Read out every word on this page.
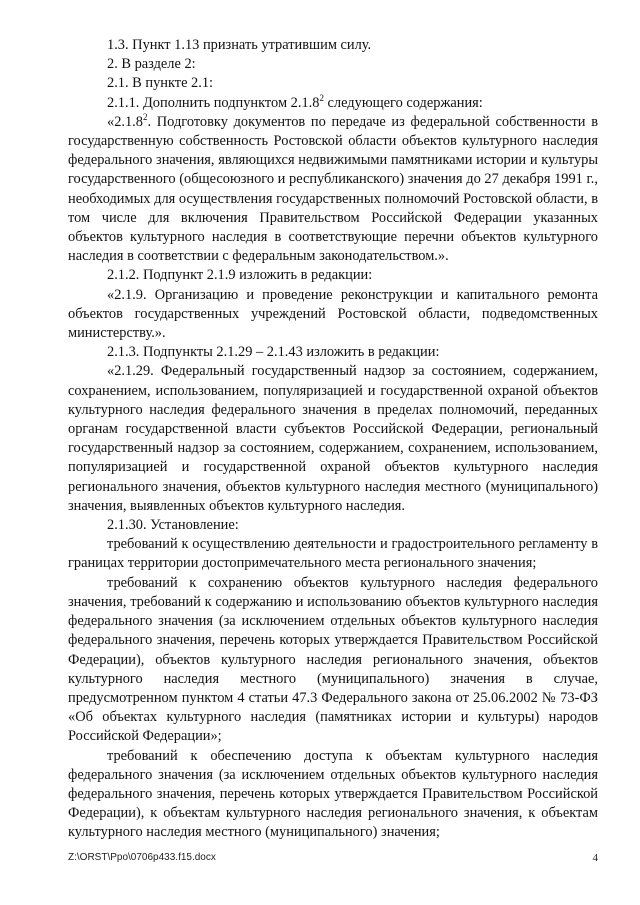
1.3. Пункт 1.13 признать утратившим силу.

2. В разделе 2:

2.1. В пункте 2.1:

2.1.1. Дополнить подпунктом 2.1.8$^2$ следующего содержания:

«2.1.8$^2$. Подготовку документов по передаче из федеральной собственности в государственную собственность Ростовской области объектов культурного наследия федерального значения, являющихся недвижимыми памятниками истории и культуры государственного (общесоюзного и республиканского) значения до 27 декабря 1991 г., необходимых для осуществления государственных полномочий Ростовской области, в том числе для включения Правительством Российской Федерации указанных объектов культурного наследия в соответствующие перечни объектов культурного наследия в соответствии с федеральным законодательством.».

2.1.2. Подпункт 2.1.9 изложить в редакции:

«2.1.9. Организацию и проведение реконструкции и капитального ремонта объектов государственных учреждений Ростовской области, подведомственных министерству.».

2.1.3. Подпункты 2.1.29 – 2.1.43 изложить в редакции:

«2.1.29. Федеральный государственный надзор за состоянием, содержанием, сохранением, использованием, популяризацией и государственной охраной объектов культурного наследия федерального значения в пределах полномочий, переданных органам государственной власти субъектов Российской Федерации, региональный государственный надзор за состоянием, содержанием, сохранением, использованием, популяризацией и государственной охраной объектов культурного наследия регионального значения, объектов культурного наследия местного (муниципального) значения, выявленных объектов культурного наследия.

2.1.30. Установление:

требований к осуществлению деятельности и градостроительного регламенту в границах территории достопримечательного места регионального значения;

требований к сохранению объектов культурного наследия федерального значения, требований к содержанию и использованию объектов культурного наследия федерального значения (за исключением отдельных объектов культурного наследия федерального значения, перечень которых утверждается Правительством Российской Федерации), объектов культурного наследия регионального значения, объектов культурного наследия местного (муниципального) значения в случае, предусмотренном пунктом 4 статьи 47.3 Федерального закона от 25.06.2002 № 73-ФЗ «Об объектах культурного наследия (памятниках истории и культуры) народов Российской Федерации»;

требований к обеспечению доступа к объектам культурного наследия федерального значения (за исключением отдельных объектов культурного наследия федерального значения, перечень которых утверждается Правительством Российской Федерации), к объектам культурного наследия регионального значения, к объектам культурного наследия местного (муниципального) значения;

Z:\ORST\Ppo\0706p433.f15.docx	4
